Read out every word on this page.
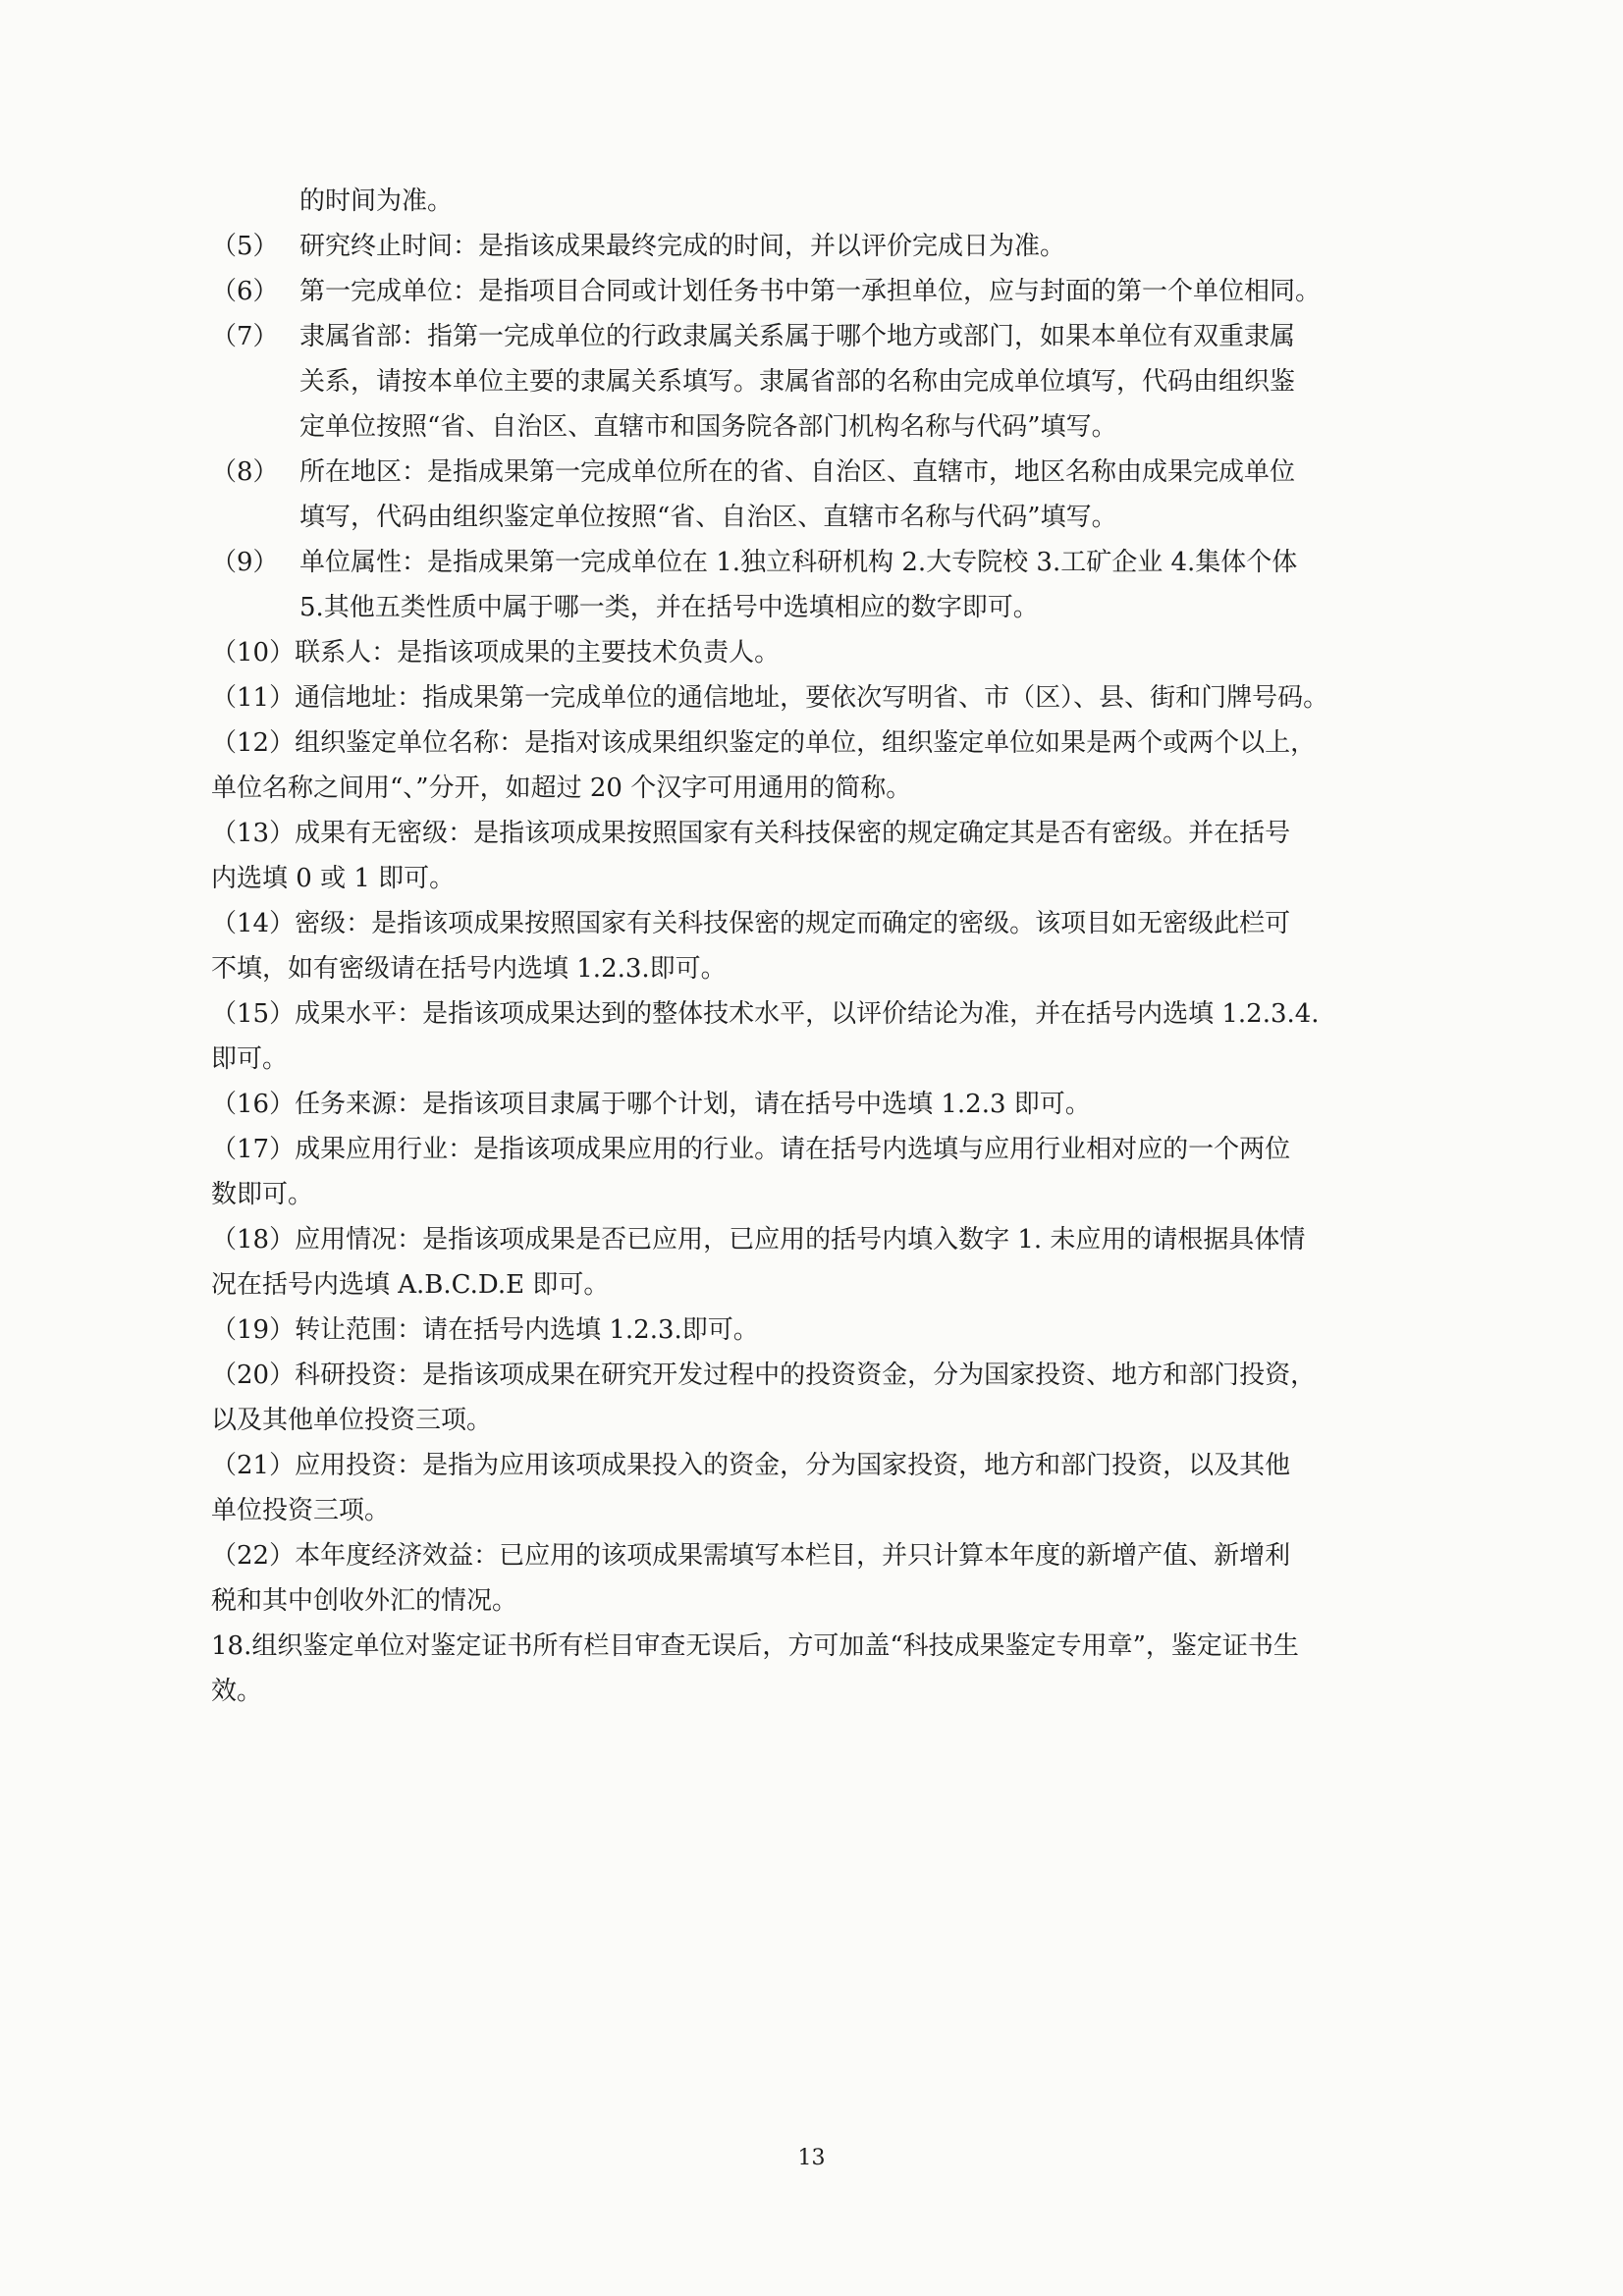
的时间为准。
（5） 研究终止时间：是指该成果最终完成的时间，并以评价完成日为准。
（6） 第一完成单位：是指项目合同或计划任务书中第一承担单位，应与封面的第一个单位相同。
（7） 隶属省部：指第一完成单位的行政隶属关系属于哪个地方或部门，如果本单位有双重隶属
关系，请按本单位主要的隶属关系填写。隶属省部的名称由完成单位填写，代码由组织鉴
定单位按照“省、自治区、直辖市和国务院各部门机构名称与代码”填写。
（8） 所在地区：是指成果第一完成单位所在的省、自治区、直辖市，地区名称由成果完成单位
填写，代码由组织鉴定单位按照“省、自治区、直辖市名称与代码”填写。
（9） 单位属性：是指成果第一完成单位在 1.独立科研机构 2.大专院校 3.工矿企业 4.集体个体
5.其他五类性质中属于哪一类，并在括号中选填相应的数字即可。
（10）联系人：是指该项成果的主要技术负责人。
（11）通信地址：指成果第一完成单位的通信地址，要依次写明省、市（区）、县、街和门牌号码。
（12）组织鉴定单位名称：是指对该成果组织鉴定的单位，组织鉴定单位如果是两个或两个以上，
单位名称之间用“、”分开，如超过 20 个汉字可用通用的简称。
（13）成果有无密级：是指该项成果按照国家有关科技保密的规定确定其是否有密级。并在括号
内选填 0 或 1 即可。
（14）密级：是指该项成果按照国家有关科技保密的规定而确定的密级。该项目如无密级此栏可
不填，如有密级请在括号内选填 1.2.3.即可。
（15）成果水平：是指该项成果达到的整体技术水平，以评价结论为准，并在括号内选填 1.2.3.4.
即可。
（16）任务来源：是指该项目隶属于哪个计划，请在括号中选填 1.2.3 即可。
（17）成果应用行业：是指该项成果应用的行业。请在括号内选填与应用行业相对应的一个两位
数即可。
（18）应用情况：是指该项成果是否已应用，已应用的括号内填入数字 1. 未应用的请根据具体情
况在括号内选填 A.B.C.D.E 即可。
（19）转让范围：请在括号内选填 1.2.3.即可。
（20）科研投资：是指该项成果在研究开发过程中的投资资金，分为国家投资、地方和部门投资，
以及其他单位投资三项。
（21）应用投资：是指为应用该项成果投入的资金，分为国家投资，地方和部门投资，以及其他
单位投资三项。
（22）本年度经济效益：已应用的该项成果需填写本栏目，并只计算本年度的新增产值、新增利
税和其中创收外汇的情况。
18.组织鉴定单位对鉴定证书所有栏目审查无误后，方可加盖“科技成果鉴定专用章”，鉴定证书生
效。
13
